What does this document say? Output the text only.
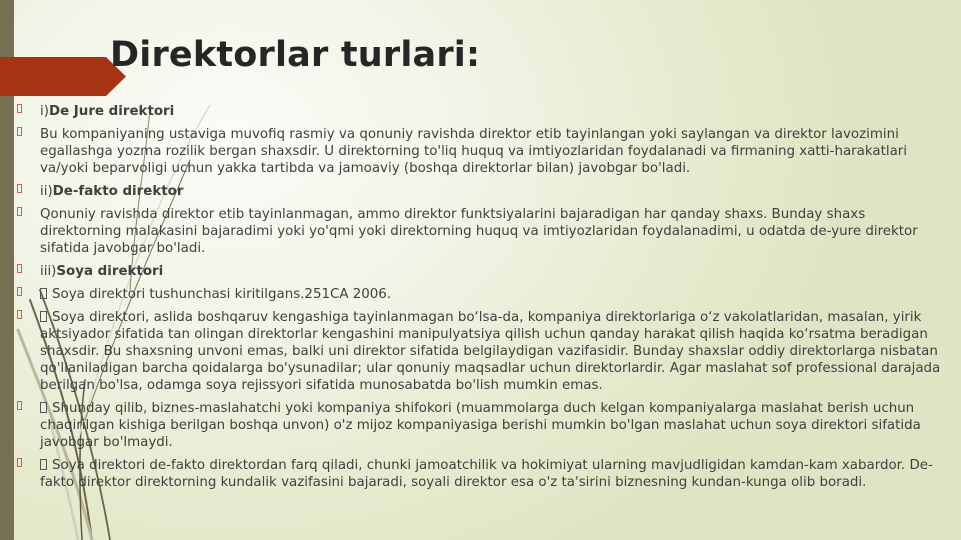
Direktorlar turlari:
i)De Jure direktori
Bu kompaniyaning ustaviga muvofiq rasmiy va qonuniy ravishda direktor etib tayinlangan yoki saylangan va direktor lavozimini egallashga yozma rozilik bergan shaxsdir. U direktorning to'liq huquq va imtiyozlaridan foydalanadi va firmaning xatti-harakatlari va/yoki beparvoligi uchun yakka tartibda va jamoaviy (boshqa direktorlar bilan) javobgar bo'ladi.
ii)De-fakto direktor
Qonuniy ravishda direktor etib tayinlanmagan, ammo direktor funktsiyalarini bajaradigan har qanday shaxs. Bunday shaxs direktorning malakasini bajaradimi yoki yo'qmi yoki direktorning huquq va imtiyozlaridan foydalanadimi, u odatda de-yure direktor sifatida javobgar bo'ladi.
iii)Soya direktori
Soya direktori tushunchasi kiritilgans.251CA 2006.
Soya direktori, aslida boshqaruv kengashiga tayinlanmagan bo‘lsa-da, kompaniya direktorlariga o‘z vakolatlaridan, masalan, yirik aktsiyador sifatida tan olingan direktorlar kengashini manipulyatsiya qilish uchun qanday harakat qilish haqida ko‘rsatma beradigan shaxsdir. Bu shaxsning unvoni emas, balki uni direktor sifatida belgilaydigan vazifasidir. Bunday shaxslar oddiy direktorlarga nisbatan qo'llaniladigan barcha qoidalarga bo'ysunadilar; ular qonuniy maqsadlar uchun direktorlardir. Agar maslahat sof professional darajada berilgan bo'lsa, odamga soya rejissyori sifatida munosabatda bo'lish mumkin emas.
Shunday qilib, biznes-maslahatchi yoki kompaniya shifokori (muammolarga duch kelgan kompaniyalarga maslahat berish uchun chaqirilgan kishiga berilgan boshqa unvon) o'z mijoz kompaniyasiga berishi mumkin bo'lgan maslahat uchun soya direktori sifatida javobgar bo'lmaydi.
Soya direktori de-fakto direktordan farq qiladi, chunki jamoatchilik va hokimiyat ularning mavjudligidan kamdan-kam xabardor. De-fakto direktor direktorning kundalik vazifasini bajaradi, soyali direktor esa o'z ta'sirini biznesning kundan-kunga olib boradi.
